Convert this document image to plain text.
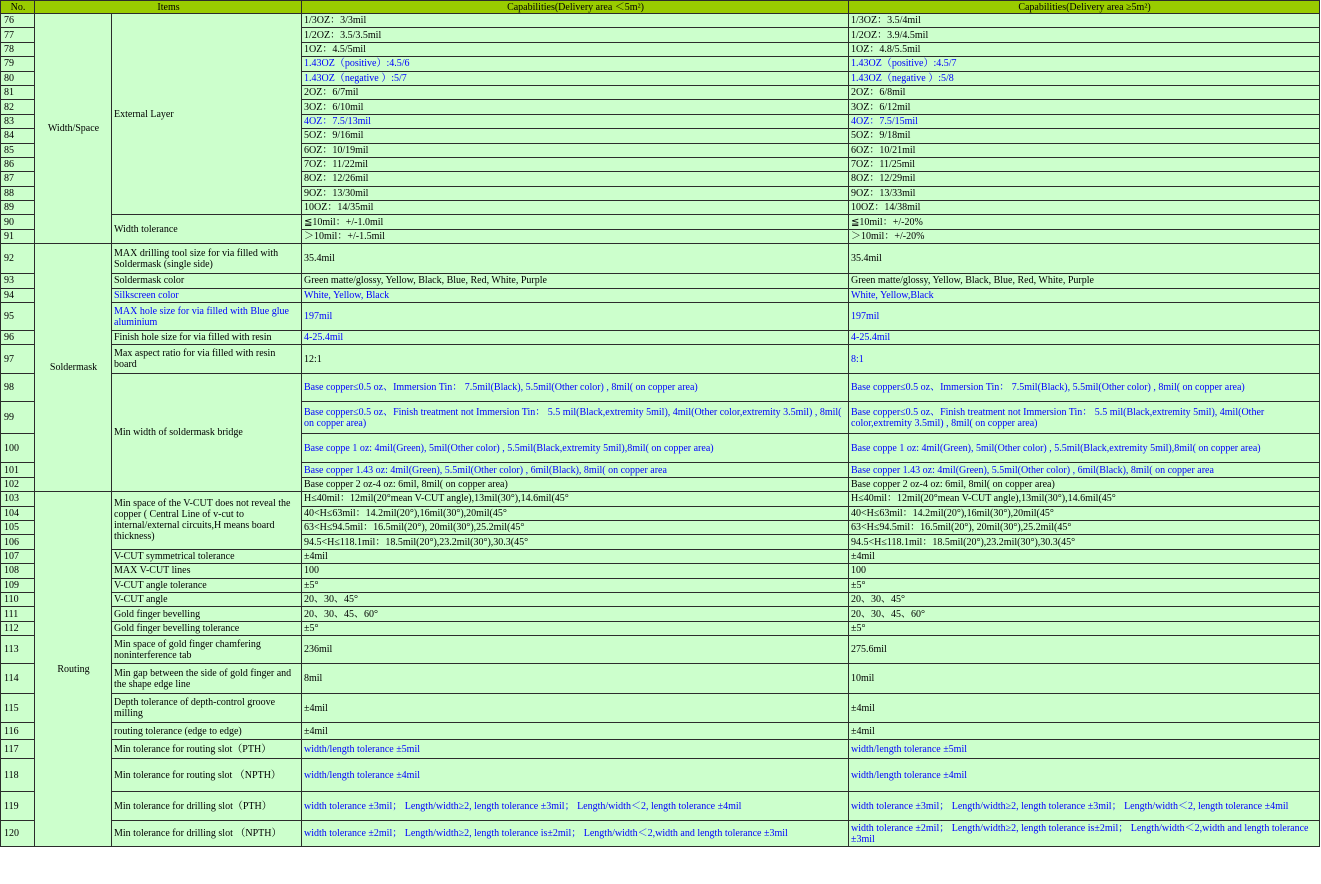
No.	Items		Capabilities(Delivery area ＜5m²)	Capabilities(Delivery area ≥5m²)
76	Width/Space	External Layer	1/3OZ：3/3mil	1/3OZ：3.5/4mil
77			1/2OZ：3.5/3.5mil	1/2OZ：3.9/4.5mil
78			1OZ：4.5/5mil	1OZ：4.8/5.5mil
79			1.43OZ（positive）:4.5/6	1.43OZ（positive）:4.5/7
80			1.43OZ（negative ）:5/7	1.43OZ（negative ）:5/8
81			2OZ：6/7mil	2OZ：6/8mil
82			3OZ：6/10mil	3OZ：6/12mil
83			4OZ：7.5/13mil	4OZ：7.5/15mil
84			5OZ：9/16mil	5OZ：9/18mil
85			6OZ：10/19mil	6OZ：10/21mil
86			7OZ：11/22mil	7OZ：11/25mil
87			8OZ：12/26mil	8OZ：12/29mil
88			9OZ：13/30mil	9OZ：13/33mil
89			10OZ：14/35mil	10OZ：14/38mil
90		Width tolerance	≦10mil：+/-1.0mil	≦10mil：+/-20%
91			＞10mil：+/-1.5mil	＞10mil：+/-20%
92	Soldermask	MAX drilling tool size for via filled with Soldermask (single side)	35.4mil	35.4mil
93		Soldermask color	Green matte/glossy, Yellow, Black, Blue, Red, White, Purple	Green matte/glossy, Yellow, Black, Blue, Red, White, Purple
94		Silkscreen color	White, Yellow, Black	White, Yellow,Black
95		MAX hole size for via filled with Blue glue aluminium	197mil	197mil
96		Finish hole size for via filled with resin	4-25.4mil	4-25.4mil
97		Max aspect ratio for via filled with resin board	12:1	8:1
98		Min width of soldermask bridge	Base copper≤0.5 oz、Immersion Tin： 7.5mil(Black), 5.5mil(Other color) , 8mil( on copper area)	Base copper≤0.5 oz、Immersion Tin： 7.5mil(Black), 5.5mil(Other color) , 8mil( on copper area)
99			Base copper≤0.5 oz、Finish treatment not Immersion Tin： 5.5 mil(Black,extremity 5mil), 4mil(Other color,extremity 3.5mil) , 8mil( on copper area)	Base copper≤0.5 oz、Finish treatment not Immersion Tin： 5.5 mil(Black,extremity 5mil), 4mil(Other color,extremity 3.5mil) , 8mil( on copper area)
100			Base coppe 1 oz: 4mil(Green), 5mil(Other color) , 5.5mil(Black,extremity 5mil),8mil( on copper area)	Base coppe 1 oz: 4mil(Green), 5mil(Other color) , 5.5mil(Black,extremity 5mil),8mil( on copper area)
101			Base copper 1.43 oz: 4mil(Green), 5.5mil(Other color) , 6mil(Black), 8mil( on copper area	Base copper 1.43 oz: 4mil(Green), 5.5mil(Other color) , 6mil(Black), 8mil( on copper area
102			Base copper 2 oz-4 oz: 6mil, 8mil( on copper area)	Base copper 2 oz-4 oz: 6mil, 8mil( on copper area)
103	Routing	Min space of the V-CUT does not reveal the copper ( Central Line of v-cut to internal/external circuits,H means board thickness)	H≤40mil：12mil(20°mean V-CUT angle),13mil(30°),14.6mil(45°	H≤40mil：12mil(20°mean V-CUT angle),13mil(30°),14.6mil(45°
104			40<H≤63mil：14.2mil(20°),16mil(30°),20mil(45°	40<H≤63mil：14.2mil(20°),16mil(30°),20mil(45°
105			63<H≤94.5mil：16.5mil(20°), 20mil(30°),25.2mil(45°	63<H≤94.5mil：16.5mil(20°), 20mil(30°),25.2mil(45°
106			94.5<H≤118.1mil：18.5mil(20°),23.2mil(30°),30.3(45°	94.5<H≤118.1mil：18.5mil(20°),23.2mil(30°),30.3(45°
107		V-CUT symmetrical tolerance	±4mil	±4mil
108		MAX V-CUT lines	100	100
109		V-CUT angle tolerance	±5°	±5°
110		V-CUT angle	20、30、45°	20、30、45°
111		Gold finger bevelling	20、30、45、60°	20、30、45、60°
112		Gold finger bevelling tolerance	±5°	±5°
113		Min space of gold finger chamfering noninterference tab	236mil	275.6mil
114		Min gap between the side of gold finger and the shape edge line	8mil	10mil
115		Depth tolerance of depth-control groove milling	±4mil	±4mil
116		routing tolerance (edge to edge)	±4mil	±4mil
117		Min tolerance for routing slot（PTH）	width/length tolerance ±5mil	width/length tolerance ±5mil
118		Min tolerance for routing slot （NPTH）	width/length tolerance ±4mil	width/length tolerance ±4mil
119		Min tolerance for drilling slot（PTH）	width tolerance ±3mil； Length/width≥2, length tolerance ±3mil； Length/width＜2, length tolerance ±4mil	width tolerance ±3mil； Length/width≥2, length tolerance ±3mil； Length/width＜2, length tolerance ±4mil
120		Min tolerance for drilling slot （NPTH）	width tolerance ±2mil； Length/width≥2, length tolerance is±2mil； Length/width＜2,width and length tolerance ±3mil	width tolerance ±2mil； Length/width≥2, length tolerance is±2mil； Length/width＜2,width and length tolerance ±3mil
